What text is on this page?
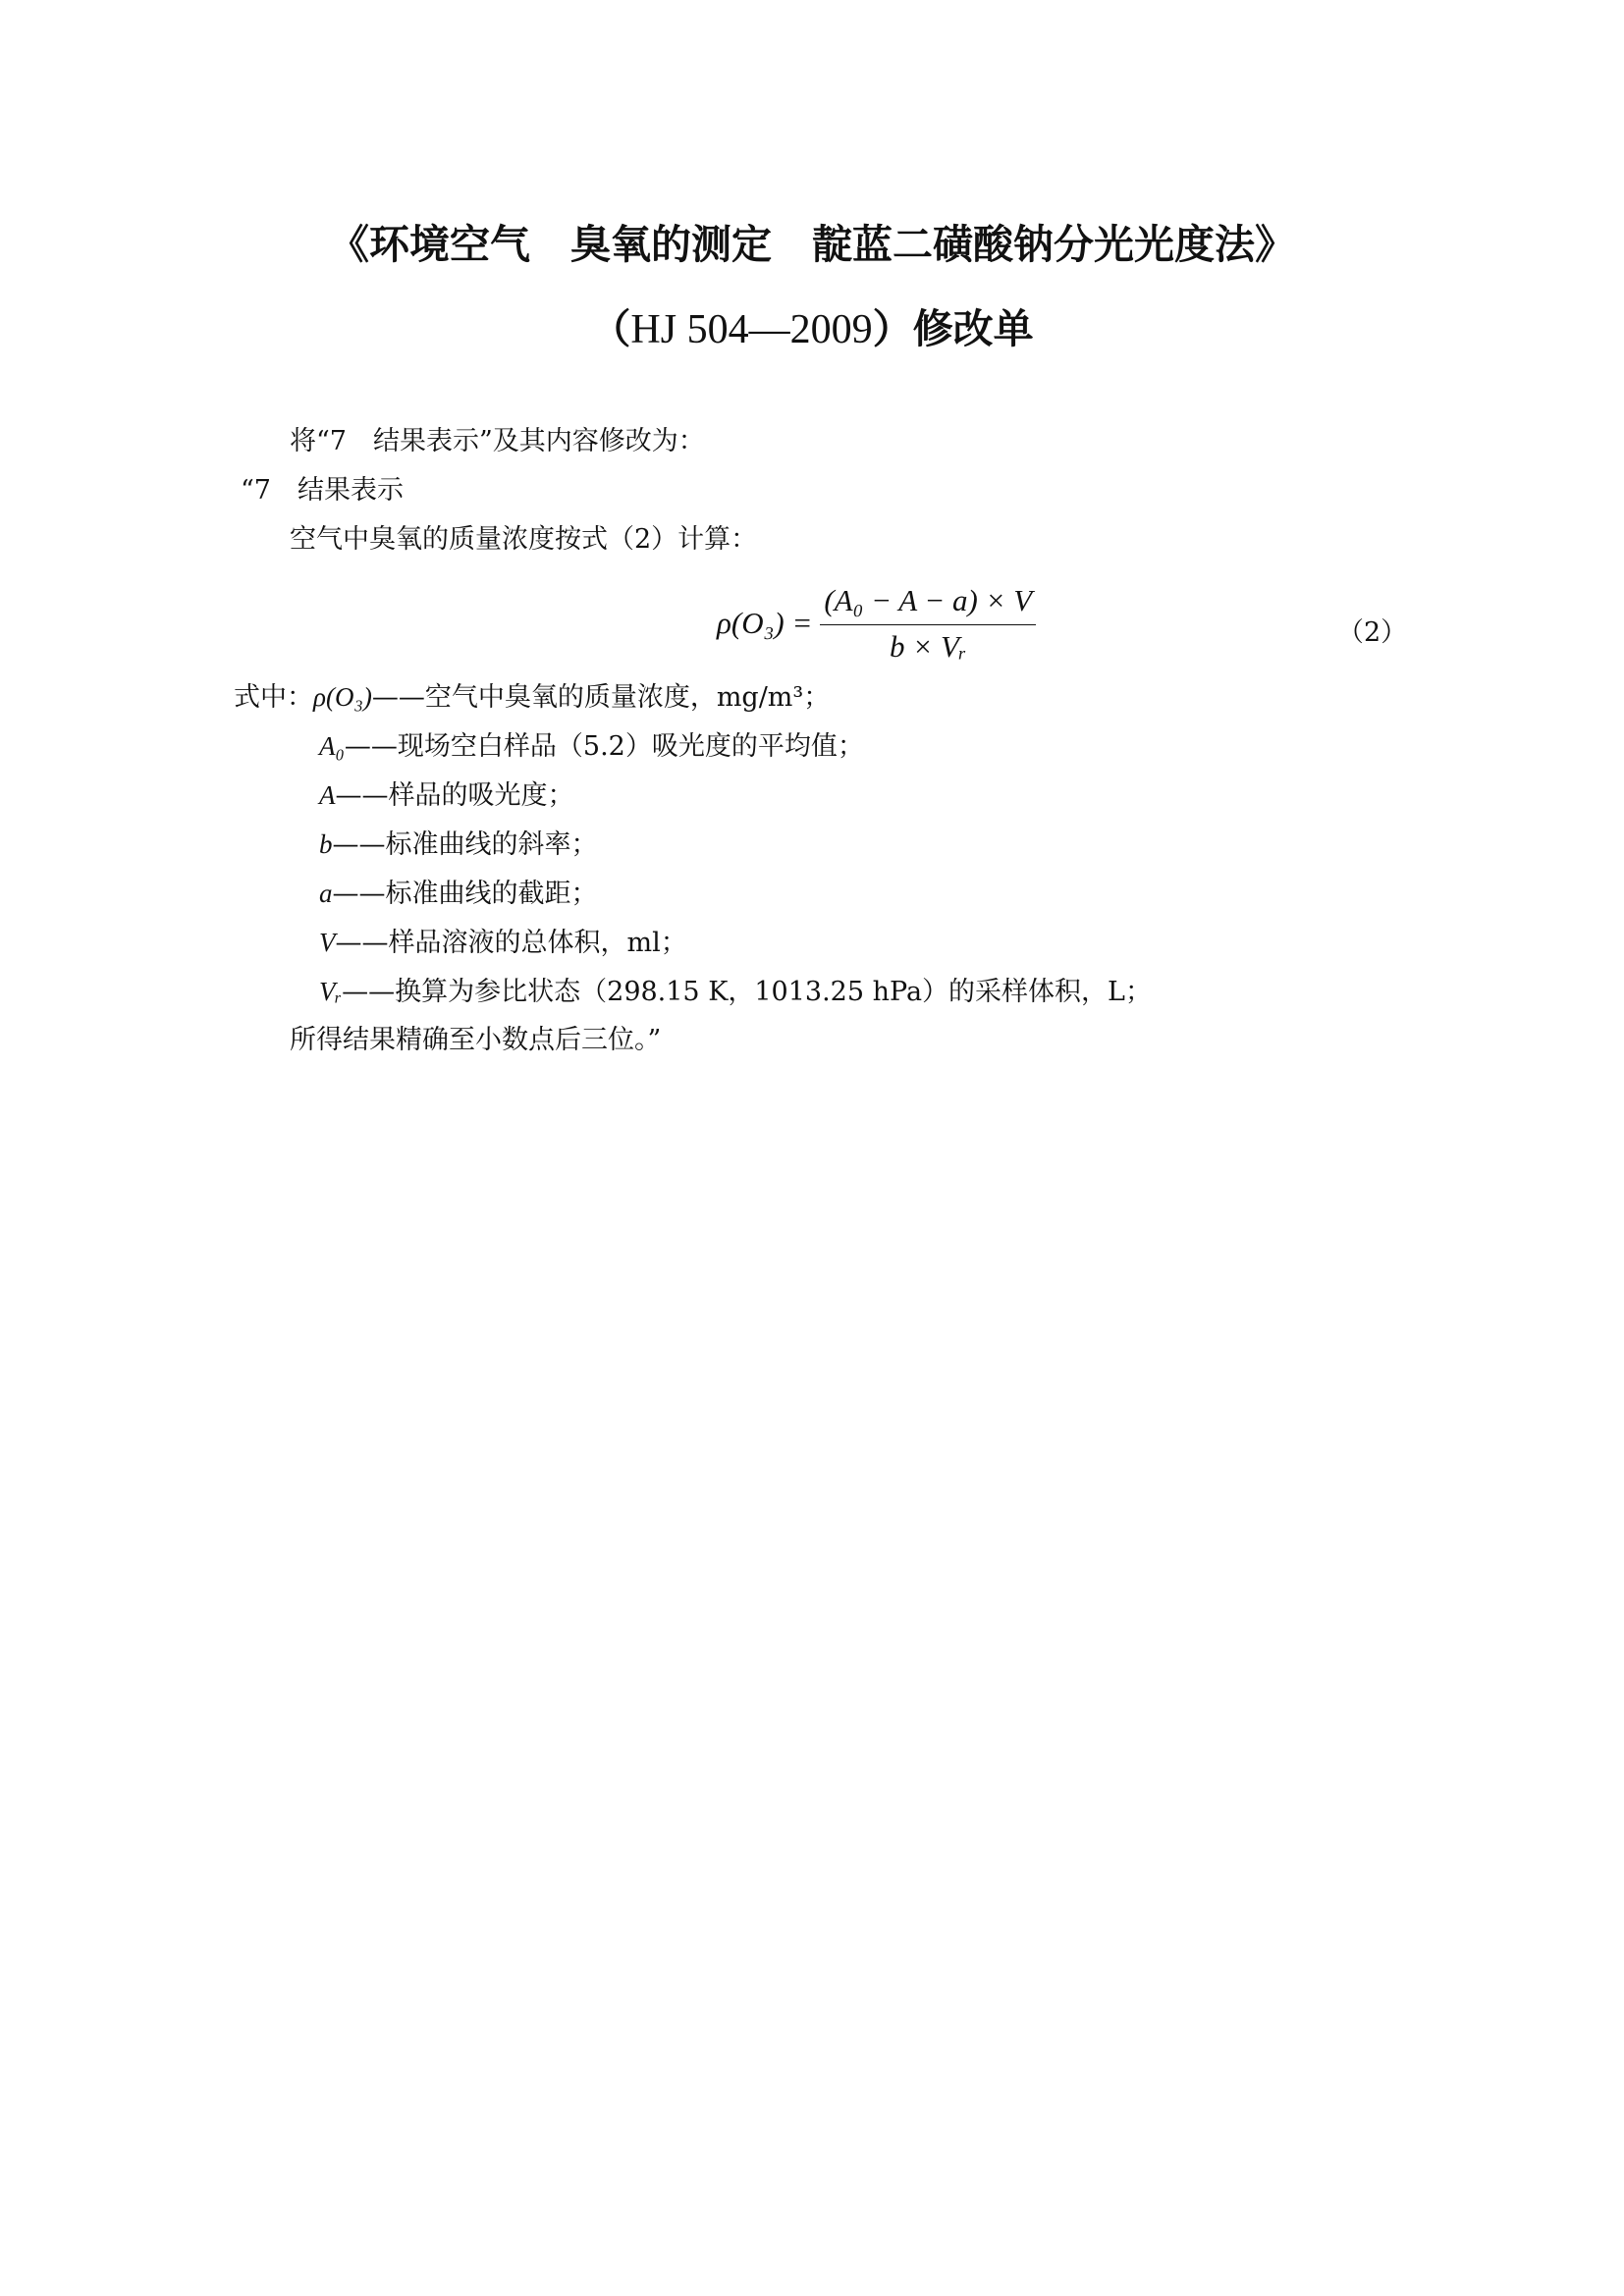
《环境空气　臭氧的测定　靛蓝二磺酸钠分光光度法》
（HJ 504—2009）修改单
将“7　结果表示”及其内容修改为：
“7　结果表示
空气中臭氧的质量浓度按式（2）计算：
$\rho(O_3) = \frac{\text{(A₀ − A − a) × V}}{\text{b × Vᵣ}}$	（2）
式中：ρ(O₃)——空气中臭氧的质量浓度，mg/m³；
A₀——现场空白样品（5.2）吸光度的平均值；
A——样品的吸光度；
b——标准曲线的斜率；
a——标准曲线的截距；
V——样品溶液的总体积，ml；
Vᵣ——换算为参比状态（298.15 K，1013.25 hPa）的采样体积，L；
所得结果精确至小数点后三位。”
